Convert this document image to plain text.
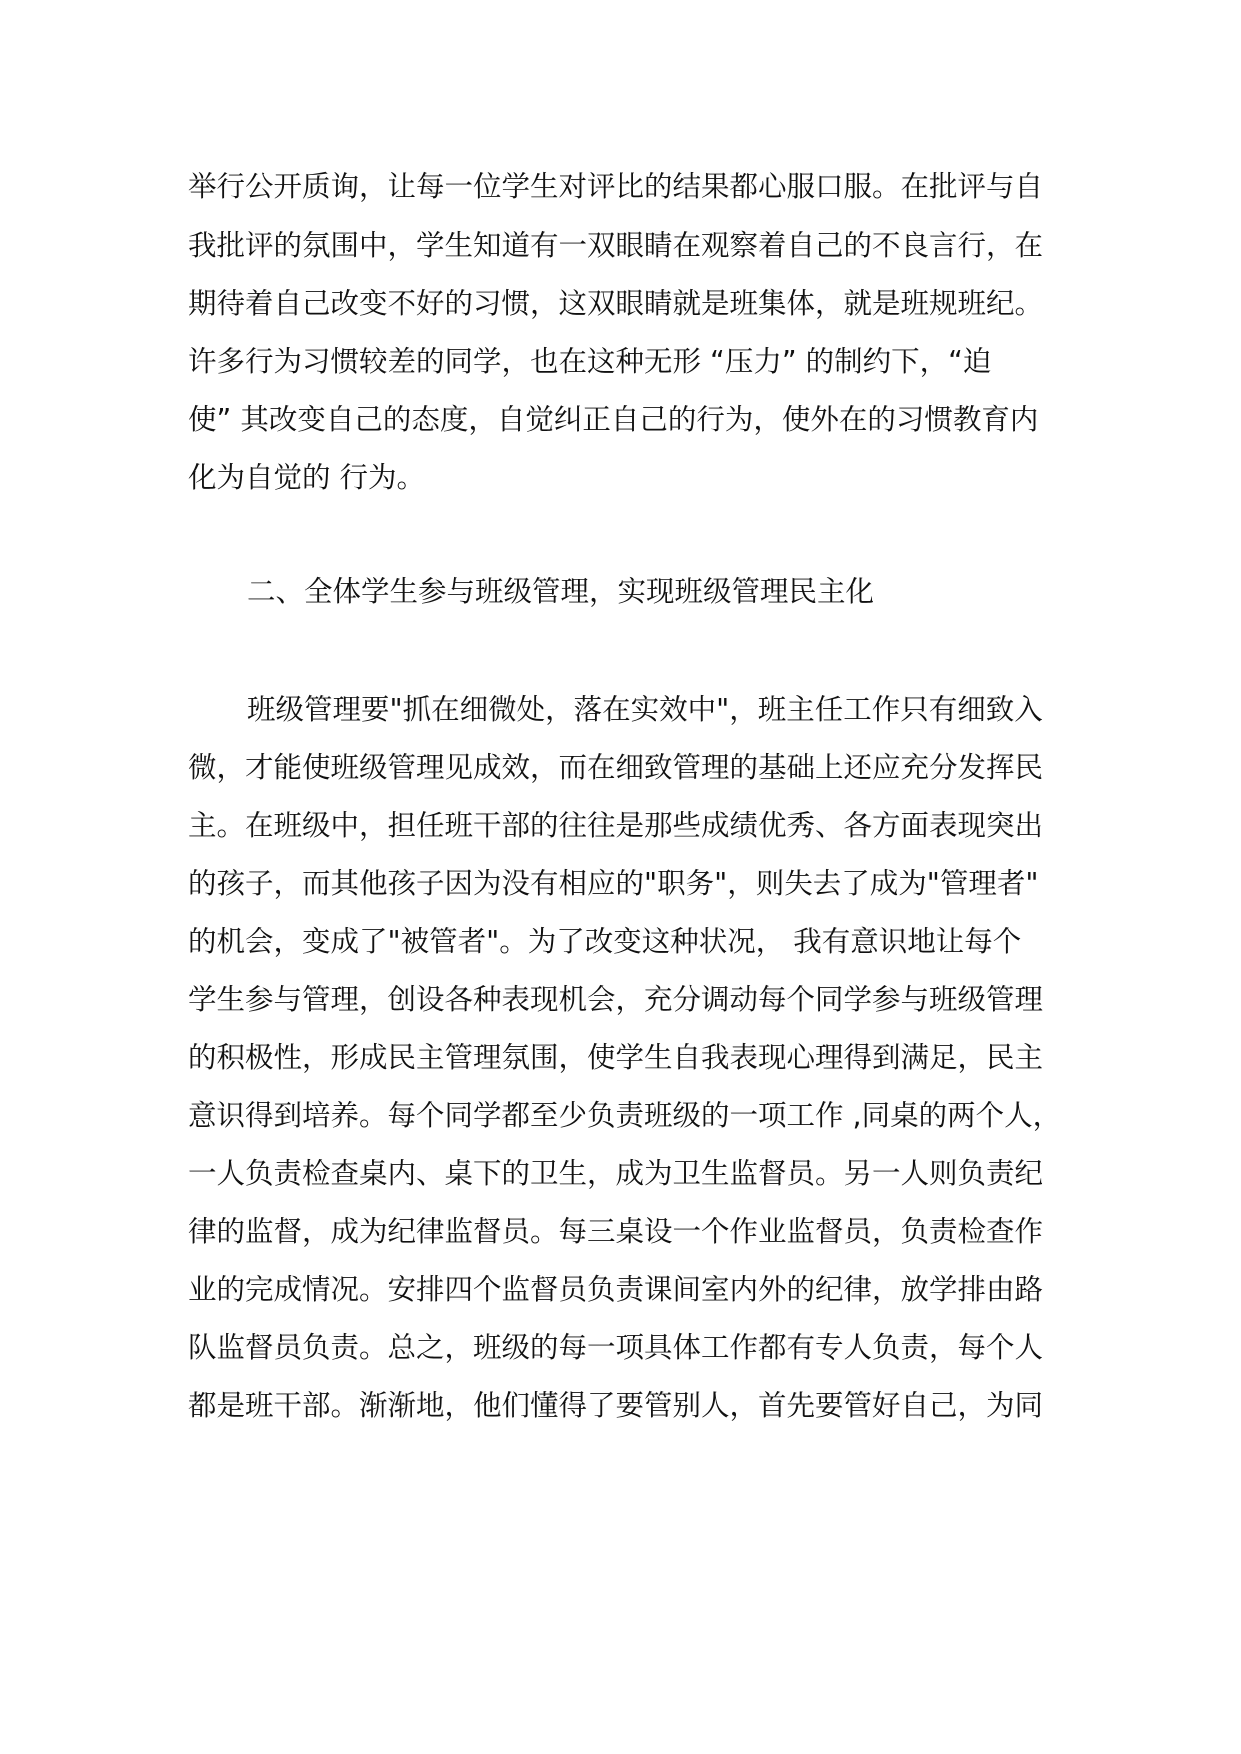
举行公开质询，让每一位学生对评比的结果都心服口服。在批评与自
我批评的氛围中，学生知道有一双眼睛在观察着自己的不良言行，在
期待着自己改变不好的习惯，这双眼睛就是班集体，就是班规班纪。
许多行为习惯较差的同学，也在这种无形 “压力” 的制约下，“迫
使” 其改变自己的态度，自觉纠正自己的行为，使外在的习惯教育内
化为自觉的 行为。
二、全体学生参与班级管理，实现班级管理民主化
班级管理要"抓在细微处，落在实效中"，班主任工作只有细致入
微，才能使班级管理见成效，而在细致管理的基础上还应充分发挥民
主。在班级中，担任班干部的往往是那些成绩优秀、各方面表现突出
的孩子，而其他孩子因为没有相应的"职务"，则失去了成为"管理者"
的机会，变成了"被管者"。为了改变这种状况， 我有意识地让每个
学生参与管理，创设各种表现机会，充分调动每个同学参与班级管理
的积极性，形成民主管理氛围，使学生自我表现心理得到满足，民主
意识得到培养。每个同学都至少负责班级的一项工作 ,同桌的两个人，
一人负责检查桌内、桌下的卫生，成为卫生监督员。另一人则负责纪
律的监督，成为纪律监督员。每三桌设一个作业监督员，负责检查作
业的完成情况。安排四个监督员负责课间室内外的纪律，放学排由路
队监督员负责。总之，班级的每一项具体工作都有专人负责，每个人
都是班干部。渐渐地，他们懂得了要管别人，首先要管好自己，为同
